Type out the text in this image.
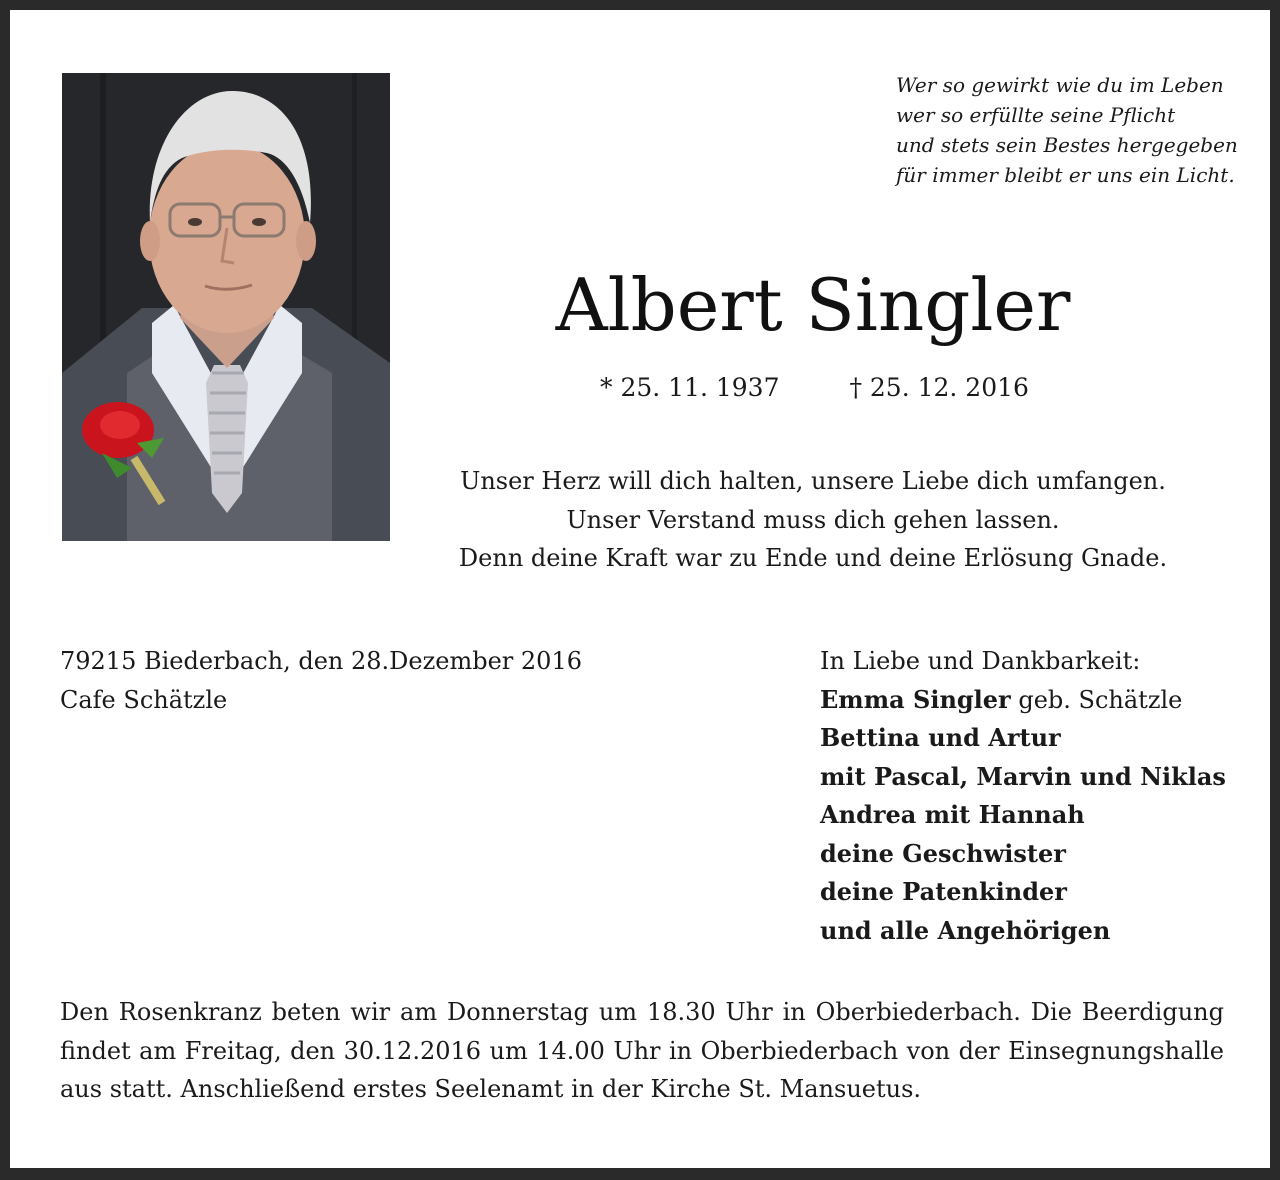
Wer so gewirkt wie du im Leben
wer so erfüllte seine Pflicht
und stets sein Bestes hergegeben
für immer bleibt er uns ein Licht.
Albert Singler
* 25. 11. 1937	† 25. 12. 2016
Unser Herz will dich halten, unsere Liebe dich umfangen.
Unser Verstand muss dich gehen lassen.
Denn deine Kraft war zu Ende und deine Erlösung Gnade.
79215 Biederbach, den 28.Dezember 2016
Cafe Schätzle
In Liebe und Dankbarkeit:
Emma Singler geb. Schätzle
Bettina und Artur
mit Pascal, Marvin und Niklas
Andrea mit Hannah
deine Geschwister
deine Patenkinder
und alle Angehörigen
Den Rosenkranz beten wir am Donnerstag um 18.30 Uhr in Oberbiederbach. Die Beerdigung
findet am Freitag, den 30.12.2016 um 14.00 Uhr in Oberbiederbach von der Einsegnungshalle
aus statt. Anschließend erstes Seelenamt in der Kirche St. Mansuetus.
